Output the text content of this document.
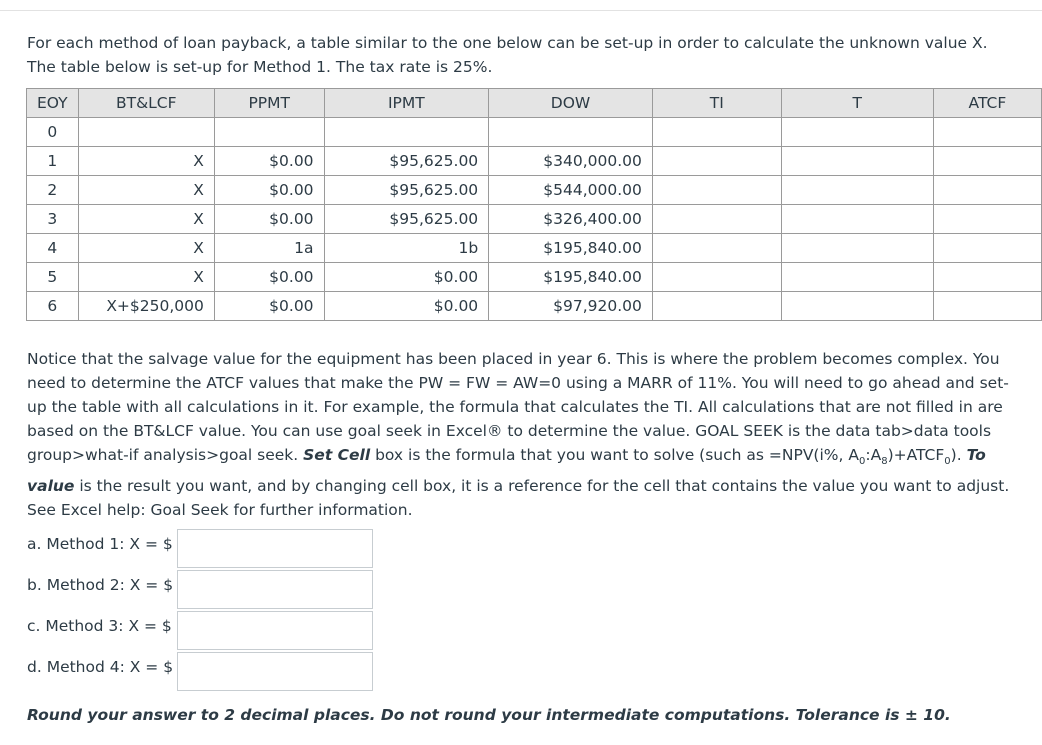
For each method of loan payback, a table similar to the one below can be set-up in order to calculate the unknown value X. The table below is set-up for Method 1. The tax rate is 25%.
EOY	BT&LCF	PPMT	IPMT	DOW	TI	T	ATCF
0							
1	X	$0.00	$95,625.00	$340,000.00			
2	X	$0.00	$95,625.00	$544,000.00			
3	X	$0.00	$95,625.00	$326,400.00			
4	X	1a	1b	$195,840.00			
5	X	$0.00	$0.00	$195,840.00			
6	X+$250,000	$0.00	$0.00	$97,920.00			
Notice that the salvage value for the equipment has been placed in year 6. This is where the problem becomes complex. You need to determine the ATCF values that make the PW = FW = AW=0 using a MARR of 11%. You will need to go ahead and set-up the table with all calculations in it. For example, the formula that calculates the TI. All calculations that are not filled in are based on the BT&LCF value. You can use goal seek in Excel® to determine the value. GOAL SEEK is the data tab>data tools group>what-if analysis>goal seek. Set Cell box is the formula that you want to solve (such as =NPV(i%, $A_0:A_8)+ATCF_0$). To value is the result you want, and by changing cell box, it is a reference for the cell that contains the value you want to adjust. See Excel help: Goal Seek for further information.
a. Method 1: X = $
b. Method 2: X = $
c. Method 3: X = $
d. Method 4: X = $
Round your answer to 2 decimal places. Do not round your intermediate computations. Tolerance is ± 10.
